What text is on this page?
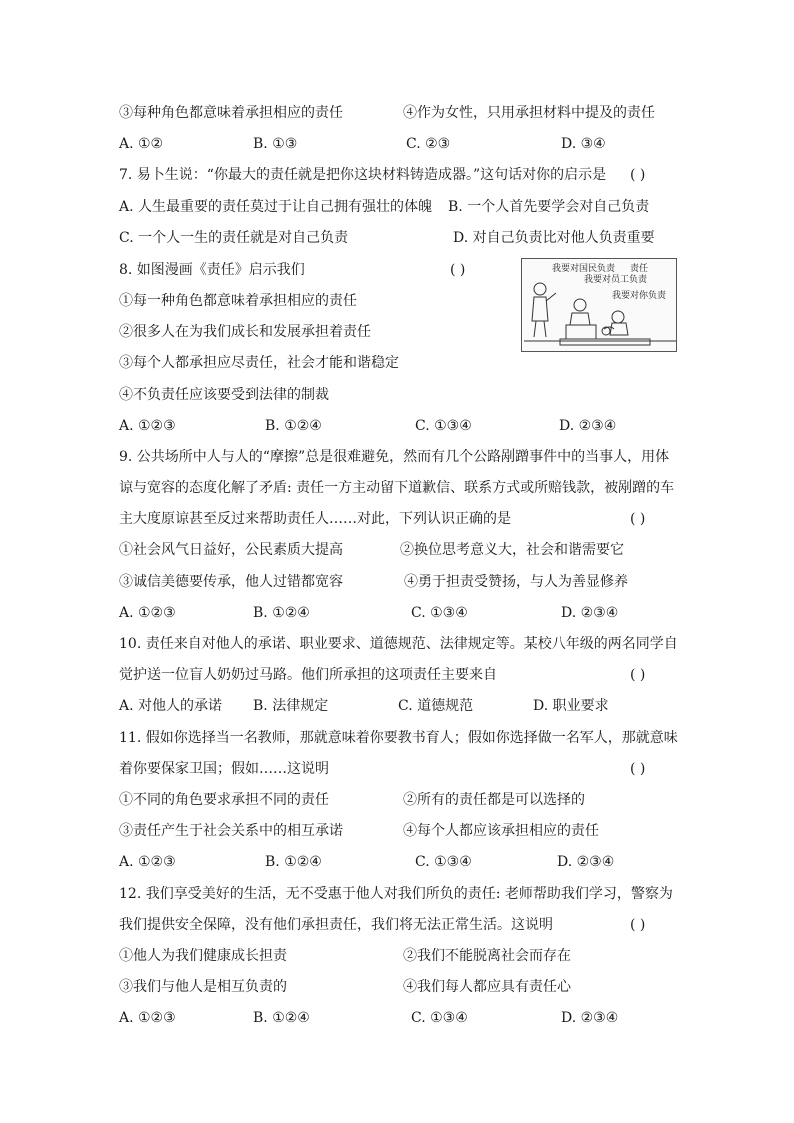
③每种角色都意味着承担相应的责任	④作为女性，只用承担材料中提及的责任
A. ①②	B. ①③	C. ②③	D. ③④
7. 易卜生说：“你最大的责任就是把你这块材料铸造成器。”这句话对你的启示是 ( )
A. 人生最重要的责任莫过于让自己拥有强壮的体魄 B. 一个人首先要学会对自己负责
C. 一个人一生的责任就是对自己负责	D. 对自己负责比对他人负责重要
8. 如图漫画《责任》启示我们	( )
①每一种角色都意味着承担相应的责任
②很多人在为我们成长和发展承担着责任
③每个人都承担应尽责任，社会才能和谐稳定
④不负责任应该要受到法律的制裁
A. ①②③	B. ①②④	C. ①③④	D. ②③④
我要对国民负责 责任
我要对员工负责
我要对你负责
9. 公共场所中人与人的“摩擦”总是很难避免，然而有几个公路剐蹭事件中的当事人，用体
谅与宽容的态度化解了矛盾: 责任一方主动留下道歉信、联系方式或所赔钱款，被剐蹭的车
主大度原谅甚至反过来帮助责任人……对此，下列认识正确的是	( )
①社会风气日益好，公民素质大提高	②换位思考意义大，社会和谐需要它
③诚信美德要传承，他人过错都宽容	④勇于担责受赞扬，与人为善显修养
A. ①②③	B. ①②④	C. ①③④	D. ②③④
10. 责任来自对他人的承诺、职业要求、道德规范、法律规定等。某校八年级的两名同学自
觉护送一位盲人奶奶过马路。他们所承担的这项责任主要来自	( )
A. 对他人的承诺 B. 法律规定	C. 道德规范	D. 职业要求
11. 假如你选择当一名教师，那就意味着你要教书育人；假如你选择做一名军人，那就意味
着你要保家卫国；假如……这说明	( )
①不同的角色要求承担不同的责任	②所有的责任都是可以选择的
③责任产生于社会关系中的相互承诺	④每个人都应该承担相应的责任
A. ①②③	B. ①②④	C. ①③④	D. ②③④
12. 我们享受美好的生活，无不受惠于他人对我们所负的责任: 老师帮助我们学习，警察为
我们提供安全保障，没有他们承担责任，我们将无法正常生活。这说明	( )
①他人为我们健康成长担责	②我们不能脱离社会而存在
③我们与他人是相互负责的	④我们每人都应具有责任心
A. ①②③	B. ①②④	C. ①③④	D. ②③④
